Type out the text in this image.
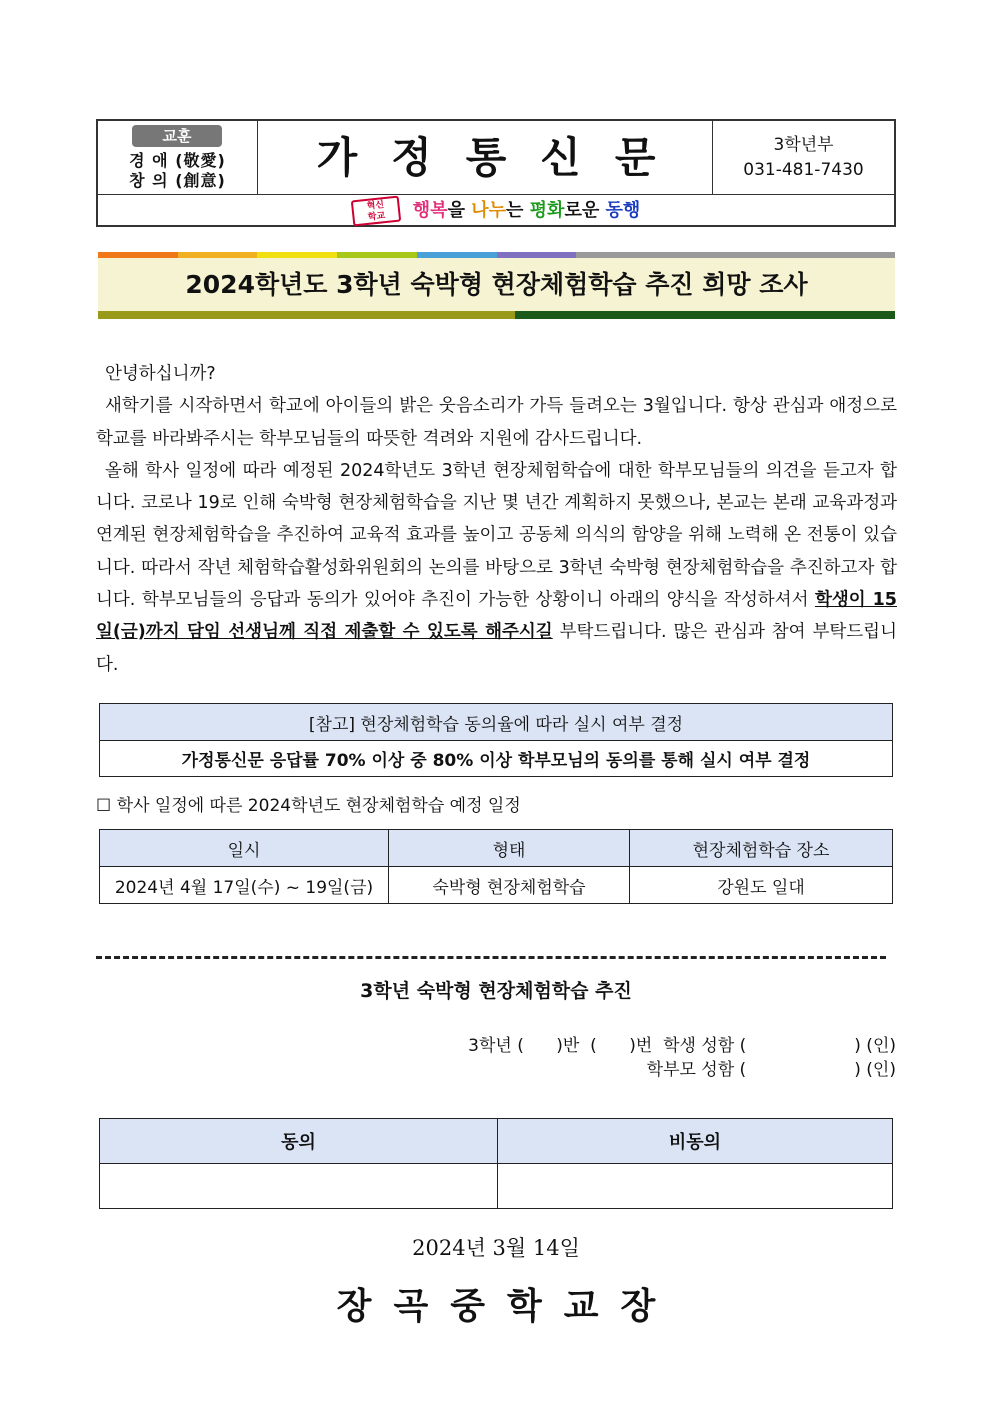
교훈
경 애 (敬愛)
창 의 (創意)	가정통신문	3학년부
031-481-7430
혁신
학교 행복을 나누는 평화로운 동행
2024학년도 3학년 숙박형 현장체험학습 추진 희망 조사

안녕하십니까?

새학기를 시작하면서 학교에 아이들의 밝은 웃음소리가 가득 들려오는 3월입니다. 항상 관심과 애정으로 학교를 바라봐주시는 학부모님들의 따뜻한 격려와 지원에 감사드립니다.

올해 학사 일정에 따라 예정된 2024학년도 3학년 현장체험학습에 대한 학부모님들의 의견을 듣고자 합니다. 코로나 19로 인해 숙박형 현장체험학습을 지난 몇 년간 계획하지 못했으나, 본교는 본래 교육과정과 연계된 현장체험학습을 추진하여 교육적 효과를 높이고 공동체 의식의 함양을 위해 노력해 온 전통이 있습니다. 따라서 작년 체험학습활성화위원회의 논의를 바탕으로 3학년 숙박형 현장체험학습을 추진하고자 합니다. 학부모님들의 응답과 동의가 있어야 추진이 가능한 상황이니 아래의 양식을 작성하셔서 학생이 15일(금)까지 담임 선생님께 직접 제출할 수 있도록 해주시길 부탁드립니다. 많은 관심과 참여 부탁드립니다.

[참고] 현장체험학습 동의율에 따라 실시 여부 결정
가정통신문 응답률 70% 이상 중 80% 이상 학부모님의 동의를 통해 실시 여부 결정
☐ 학사 일정에 따른 2024학년도 현장체험학습 예정 일정
일시	형태	현장체험학습 장소
2024년 4월 17일(수) ~ 19일(금)	숙박형 현장체험학습	강원도 일대
3학년 숙박형 현장체험학습 추진
3학년 (      )반  (      )번  학생 성함 (                    ) (인)
학부모 성함 (                    ) (인)
동의	비동의

2024년 3월 14일
장곡중학교장
